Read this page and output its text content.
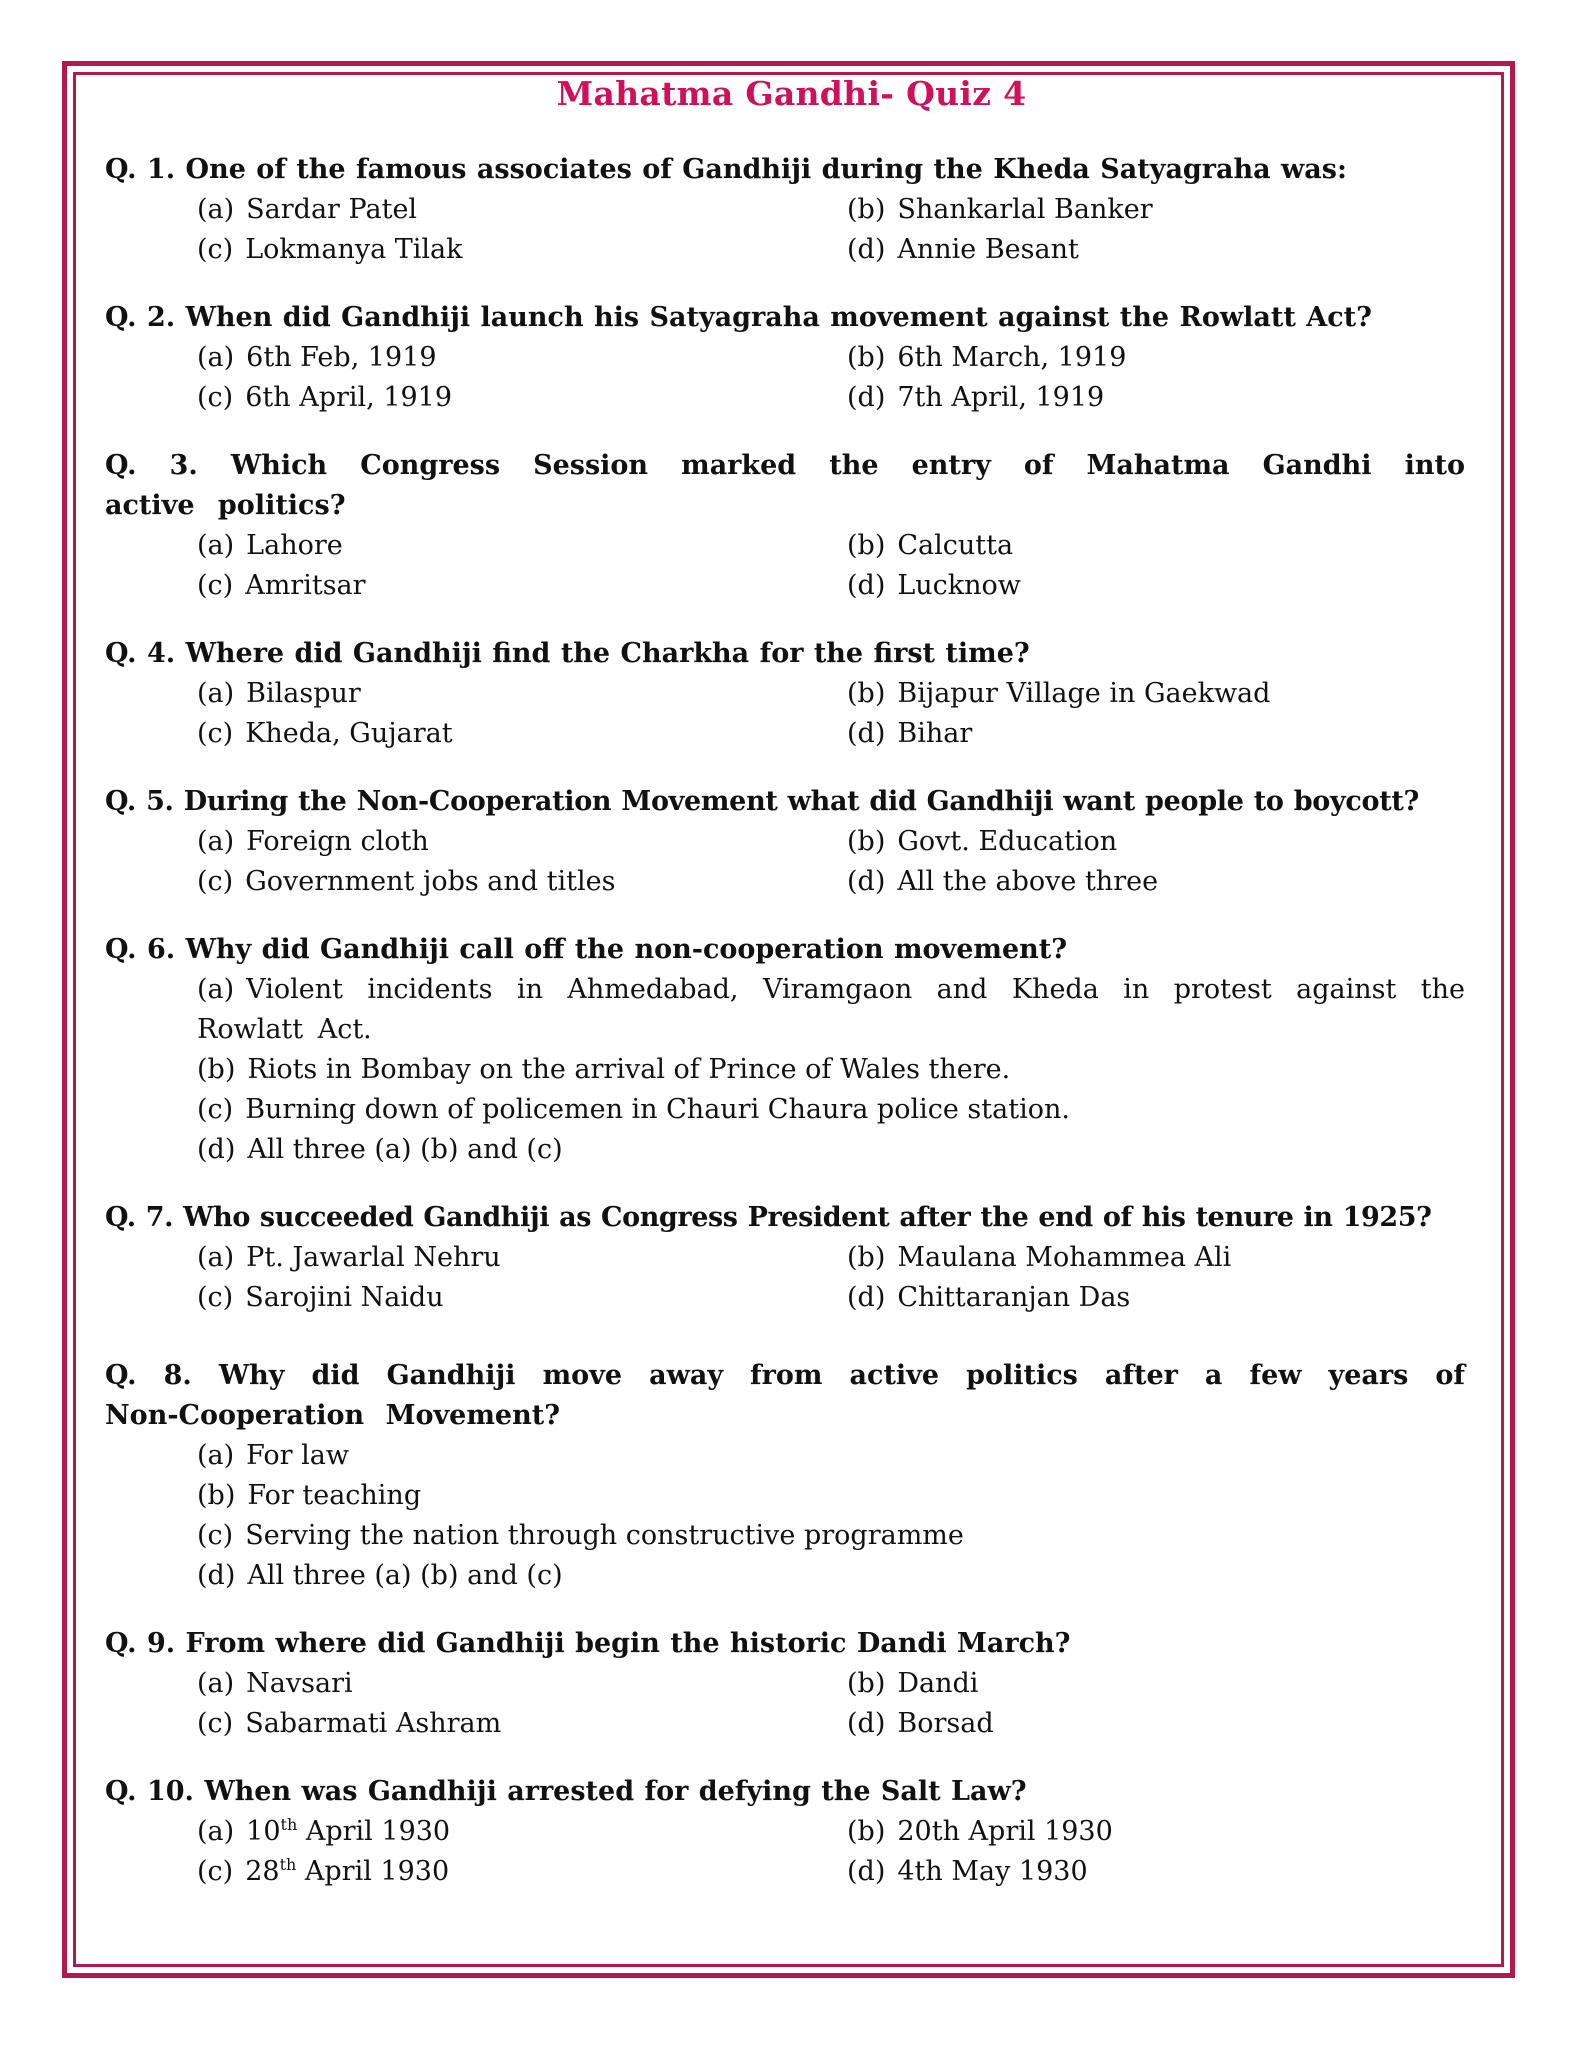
Mahatma Gandhi- Quiz 4
Q. 1. One of the famous associates of Gandhiji during the Kheda Satyagraha was:
(a) Sardar Patel	(b) Shankarlal Banker
(c) Lokmanya Tilak	(d) Annie Besant
Q. 2. When did Gandhiji launch his Satyagraha movement against the Rowlatt Act?
(a) 6th Feb, 1919	(b) 6th March, 1919
(c) 6th April, 1919	(d) 7th April, 1919
Q. 3. Which Congress Session marked the entry of Mahatma Gandhi into active politics?
(a) Lahore	(b) Calcutta
(c) Amritsar	(d) Lucknow
Q. 4. Where did Gandhiji find the Charkha for the first time?
(a) Bilaspur	(b) Bijapur Village in Gaekwad
(c) Kheda, Gujarat	(d) Bihar
Q. 5. During the Non-Cooperation Movement what did Gandhiji want people to boycott?
(a) Foreign cloth	(b) Govt. Education
(c) Government jobs and titles	(d) All the above three
Q. 6. Why did Gandhiji call off the non-cooperation movement?
(a) Violent incidents in Ahmedabad, Viramgaon and Kheda in protest against the Rowlatt Act.
(b) Riots in Bombay on the arrival of Prince of Wales there.
(c) Burning down of policemen in Chauri Chaura police station.
(d) All three (a) (b) and (c)
Q. 7. Who succeeded Gandhiji as Congress President after the end of his tenure in 1925?
(a) Pt. Jawarlal Nehru	(b) Maulana Mohammea Ali
(c) Sarojini Naidu	(d) Chittaranjan Das
Q. 8. Why did Gandhiji move away from active politics after a few years of Non-Cooperation Movement?
(a) For law
(b) For teaching
(c) Serving the nation through constructive programme
(d) All three (a) (b) and (c)
Q. 9. From where did Gandhiji begin the historic Dandi March?
(a) Navsari	(b) Dandi
(c) Sabarmati Ashram	(d) Borsad
Q. 10. When was Gandhiji arrested for defying the Salt Law?
(a) 10th April 1930	(b) 20th April 1930
(c) 28th April 1930	(d) 4th May 1930
